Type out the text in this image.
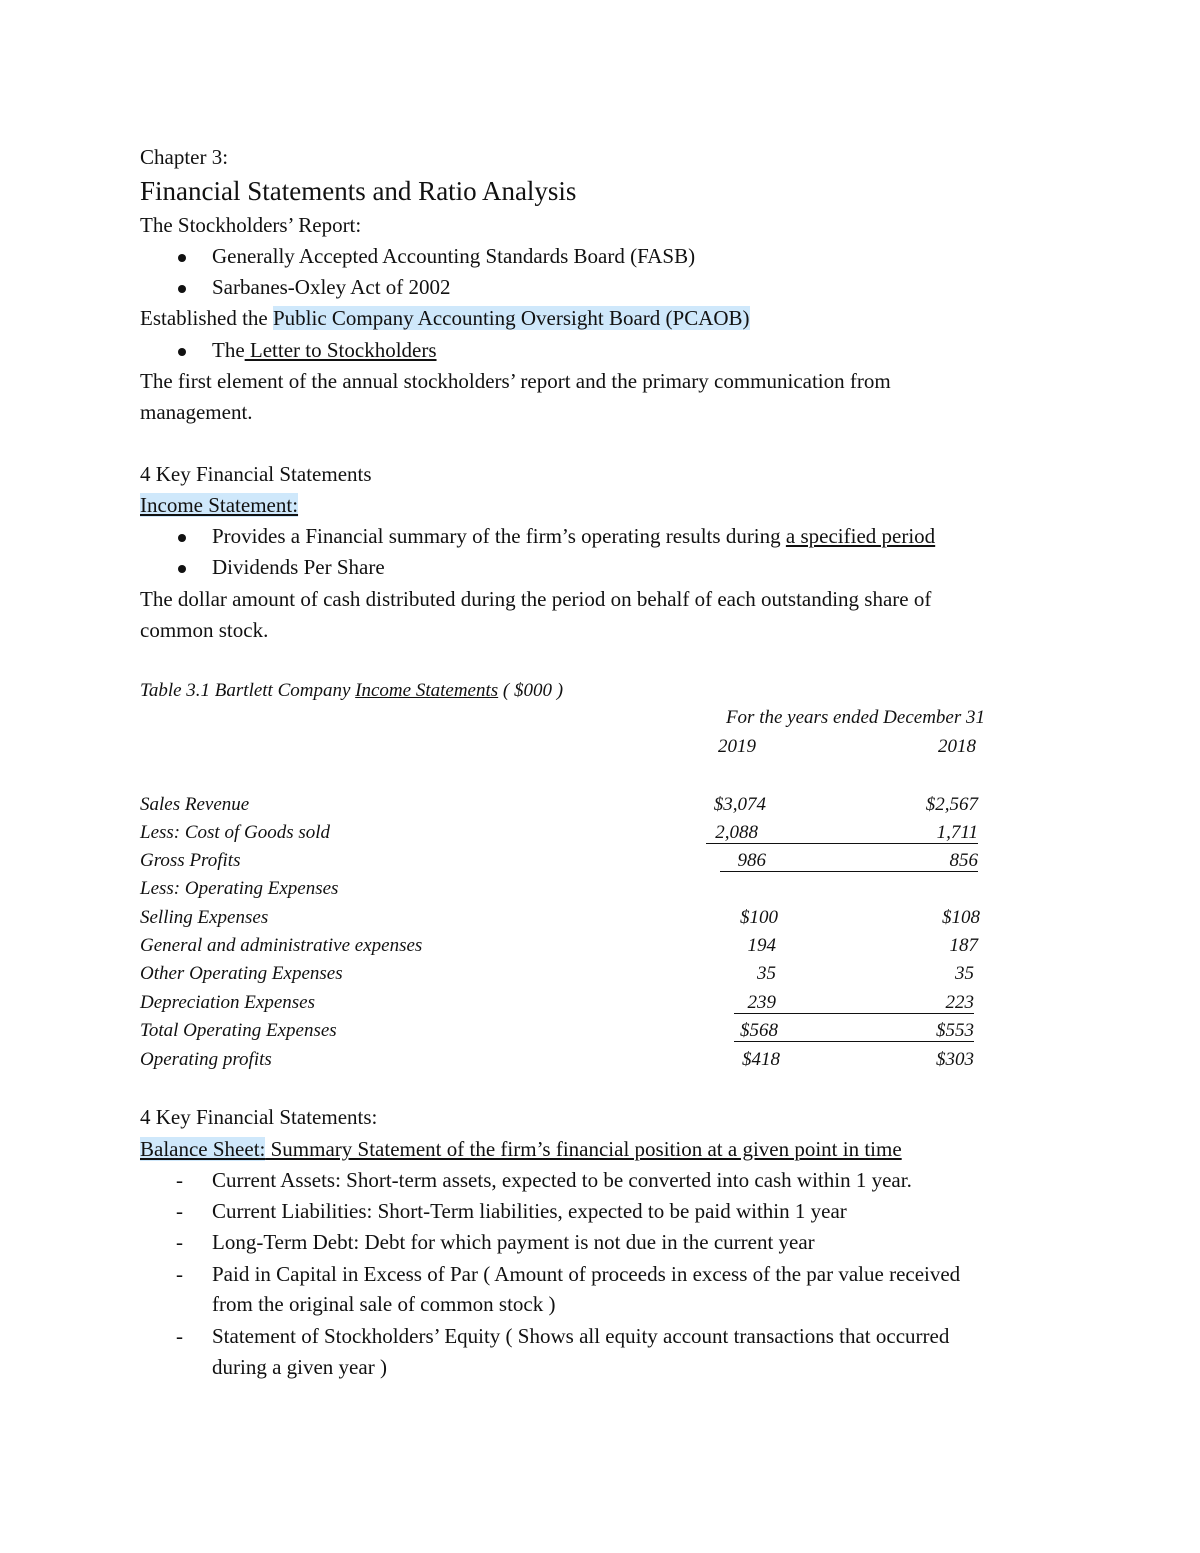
Chapter 3:
Financial Statements and Ratio Analysis
The Stockholders’ Report:
Generally Accepted Accounting Standards Board (FASB)
Sarbanes-Oxley Act of 2002
Established the Public Company Accounting Oversight Board (PCAOB)
The Letter to Stockholders
The first element of the annual stockholders’ report and the primary communication from
management.
4 Key Financial Statements
Income Statement:
Provides a Financial summary of the firm’s operating results during a specified period
Dividends Per Share
The dollar amount of cash distributed during the period on behalf of each outstanding share of
common stock.
Table 3.1 Bartlett Company Income Statements ( $000 )
For the years ended December 31
2019	2018
Sales Revenue	$3,074	$2,567
Less: Cost of Goods sold	2,088	1,711
Gross Profits	986	856
Less: Operating Expenses
Selling Expenses	$100	$108
General and administrative expenses	194	187
Other Operating Expenses	35	35
Depreciation Expenses	239	223
Total Operating Expenses	$568	$553
Operating profits	$418	$303
4 Key Financial Statements:
Balance Sheet: Summary Statement of the firm’s financial position at a given point in time
- Current Assets: Short-term assets, expected to be converted into cash within 1 year.
- Current Liabilities: Short-Term liabilities, expected to be paid within 1 year
- Long-Term Debt: Debt for which payment is not due in the current year
- Paid in Capital in Excess of Par ( Amount of proceeds in excess of the par value received
from the original sale of common stock )
- Statement of Stockholders’ Equity ( Shows all equity account transactions that occurred
during a given year )
